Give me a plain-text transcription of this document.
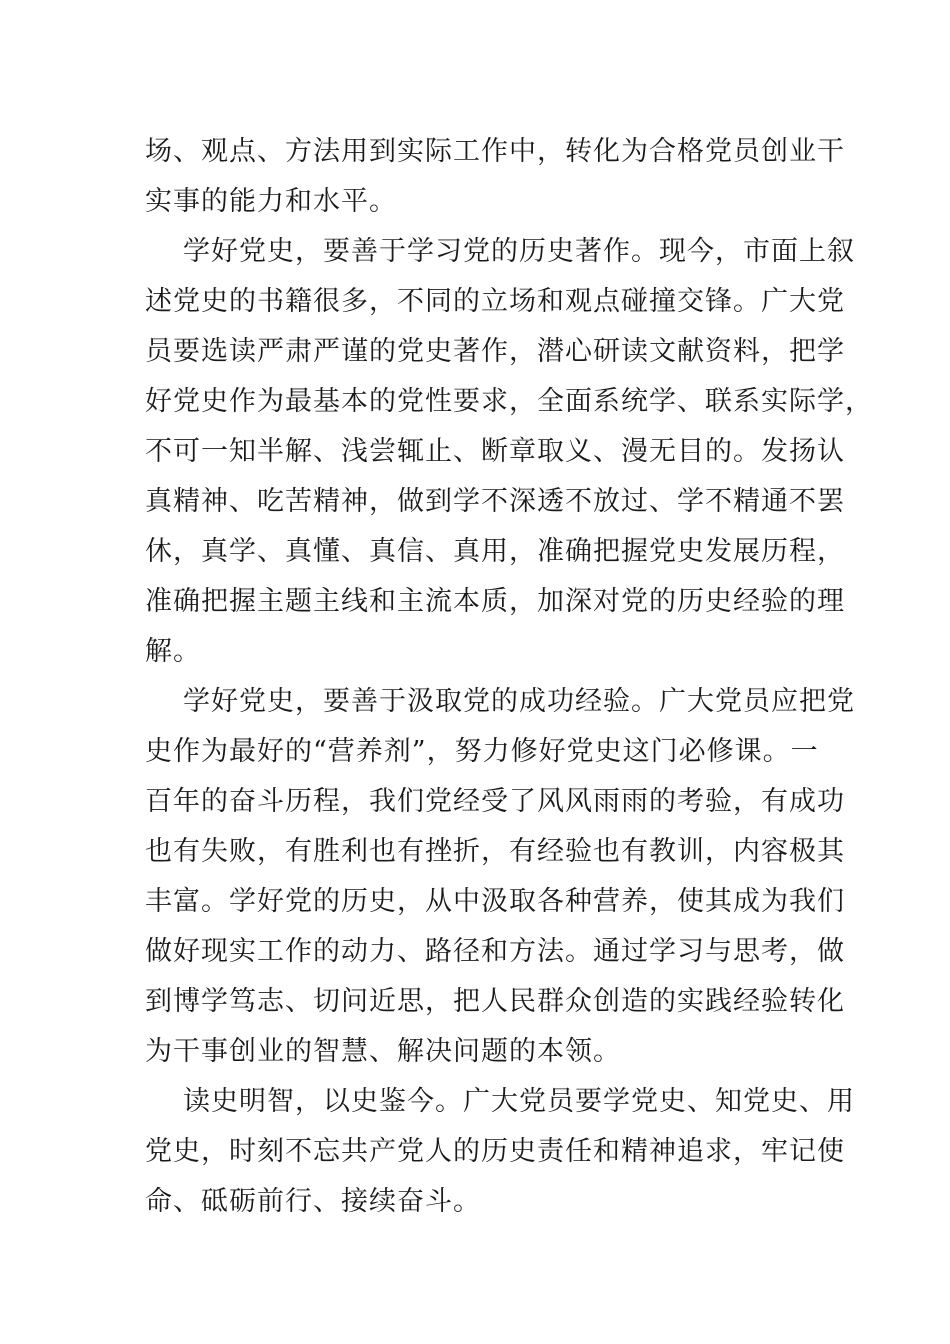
场、观点、方法用到实际工作中，转化为合格党员创业干
实事的能力和水平。
学好党史，要善于学习党的历史著作。现今，市面上叙
述党史的书籍很多，不同的立场和观点碰撞交锋。广大党
员要选读严肃严谨的党史著作，潜心研读文献资料，把学
好党史作为最基本的党性要求，全面系统学、联系实际学，
不可一知半解、浅尝辄止、断章取义、漫无目的。发扬认
真精神、吃苦精神，做到学不深透不放过、学不精通不罢
休，真学、真懂、真信、真用，准确把握党史发展历程，
准确把握主题主线和主流本质，加深对党的历史经验的理
解。
学好党史，要善于汲取党的成功经验。广大党员应把党
史作为最好的“营养剂”，努力修好党史这门必修课。一
百年的奋斗历程，我们党经受了风风雨雨的考验，有成功
也有失败，有胜利也有挫折，有经验也有教训，内容极其
丰富。学好党的历史，从中汲取各种营养，使其成为我们
做好现实工作的动力、路径和方法。通过学习与思考，做
到博学笃志、切问近思，把人民群众创造的实践经验转化
为干事创业的智慧、解决问题的本领。
读史明智，以史鉴今。广大党员要学党史、知党史、用
党史，时刻不忘共产党人的历史责任和精神追求，牢记使
命、砥砺前行、接续奋斗。
